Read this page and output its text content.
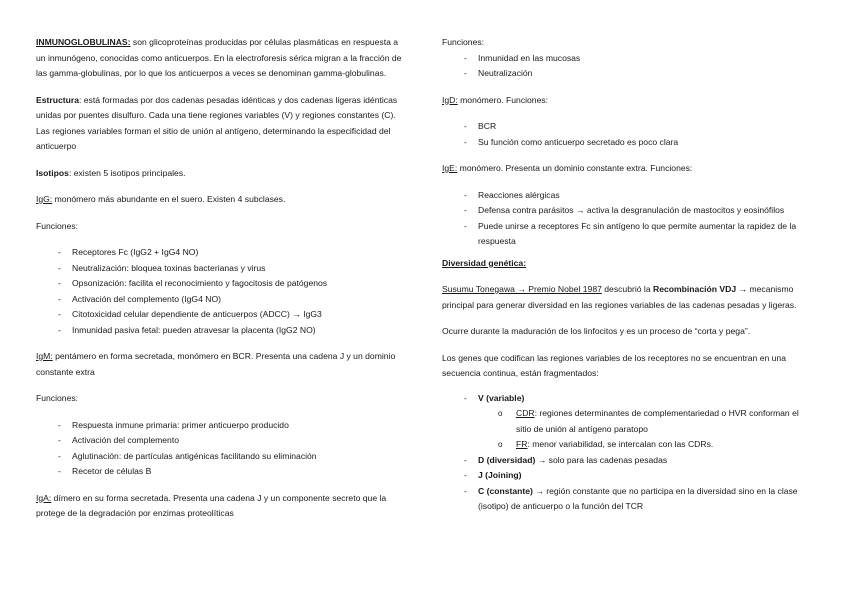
INMUNOGLOBULINAS: son glicoproteínas producidas por células plasmáticas en respuesta a un inmunógeno, conocidas como anticuerpos. En la electroforesis sérica migran a la fracción de las gamma-globulinas, por lo que los anticuerpos a veces se denominan gamma-globulinas.

Estructura: está formadas por dos cadenas pesadas idénticas y dos cadenas ligeras idénticas unidas por puentes disulfuro. Cada una tiene regiones variables (V) y regiones constantes (C). Las regiones variables forman el sitio de unión al antígeno, determinando la especificidad del anticuerpo

Isotipos: existen 5 isotipos principales.

IgG: monómero más abundante en el suero. Existen 4 subclases.

Funciones:

- Receptores Fc (IgG2 + IgG4 NO)
- Neutralización: bloquea toxinas bacterianas y virus
- Opsonización: facilita el reconocimiento y fagocitosis de patógenos
- Activación del complemento (IgG4 NO)
- Citotoxicidad celular dependiente de anticuerpos (ADCC) → IgG3
- Inmunidad pasiva fetal: pueden atravesar la placenta (IgG2 NO)

IgM: pentámero en forma secretada, monómero en BCR. Presenta una cadena J y un dominio constante extra

Funciones:

- Respuesta inmune primaria: primer anticuerpo producido
- Activación del complemento
- Aglutinación: de partículas antigénicas facilitando su eliminación
- Recetor de células B

IgA: dímero en su forma secretada. Presenta una cadena J y un componente secreto que la protege de la degradación por enzimas proteolíticas

Funciones:

- Inmunidad en las mucosas
- Neutralización

IgD: monómero. Funciones:

- BCR
- Su función como anticuerpo secretado es poco clara

IgE: monómero. Presenta un dominio constante extra. Funciones:

- Reacciones alérgicas
- Defensa contra parásitos → activa la desgranulación de mastocitos y eosinófilos
- Puede unirse a receptores Fc sin antígeno lo que permite aumentar la rapidez de la respuesta

Diversidad genética:

Susumu Tonegawa → Premio Nobel 1987 descubrió la Recombinación VDJ → mecanismo principal para generar diversidad en las regiones variables de las cadenas pesadas y ligeras.

Ocurre durante la maduración de los linfocitos y es un proceso de “corta y pega”.

Los genes que codifican las regiones variables de los receptores no se encuentran en una secuencia continua, están fragmentados:

- V (variable)
o CDR: regiones determinantes de complementariedad o HVR conforman el sitio de unión al antígeno paratopo
o FR: menor variabilidad, se intercalan con las CDRs.
- D (diversidad) → solo para las cadenas pesadas
- J (Joining)
- C (constante) → región constante que no participa en la diversidad sino en la clase (isotipo) de anticuerpo o la función del TCR
